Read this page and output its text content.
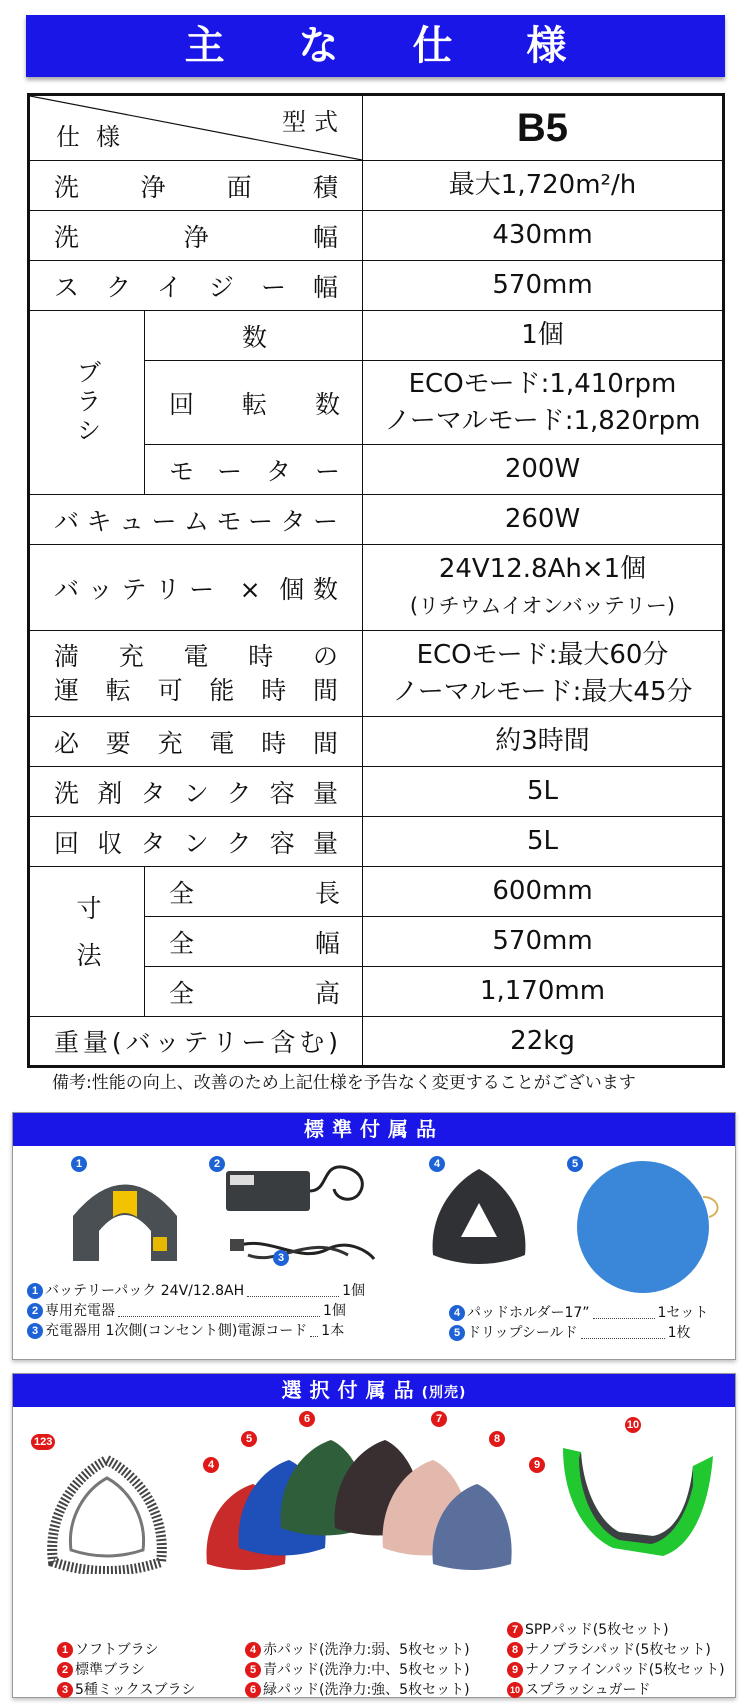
主 な 仕 様
型式
仕様		B5
洗浄面積		最大1,720m²/h
洗浄幅		430mm
スクイジー幅		570mm
ブラシ	数	1個
	回転数	ECOモード:1,410rpm
ノーマルモード:1,820rpm

	モーター	200W
バキュームモーター		260W
バッテリー × 個数		24V12.8Ah×1個
(リチウムイオンバッテリー)

満充電時の
運転可能時間		ECOモード:最大60分
ノーマルモード:最大45分

必要充電時間		約3時間
洗剤タンク容量		5L
回収タンク容量		5L
寸法	全長	600mm
	全幅	570mm
	全高	1,170mm
重量(バッテリー含む)		22kg
備考:性能の向上、改善のため上記仕様を予告なく変更することがございます
標準付属品
1	2
3
4	5
1 バッテリーパック 24V/12.8AH	1個
2 専用充電器	1個
3 充電器用 1次側(コンセント側)電源コード 1本
4 パッドホルダー17”	1セット
5 ドリップシールド	1枚
選択付属品(別売)
123
4
5
6	7
8
9
10
1 ソフトブラシ
2 標準ブラシ
3 5種ミックスブラシ
4 赤パッド(洗浄力:弱、5枚セット)
5 青パッド(洗浄力:中、5枚セット)
6 緑パッド(洗浄力:強、5枚セット)
7 SPPパッド(5枚セット)
8 ナノブラシパッド(5枚セット)
9 ナノファインパッド(5枚セット)
10 スプラッシュガード
